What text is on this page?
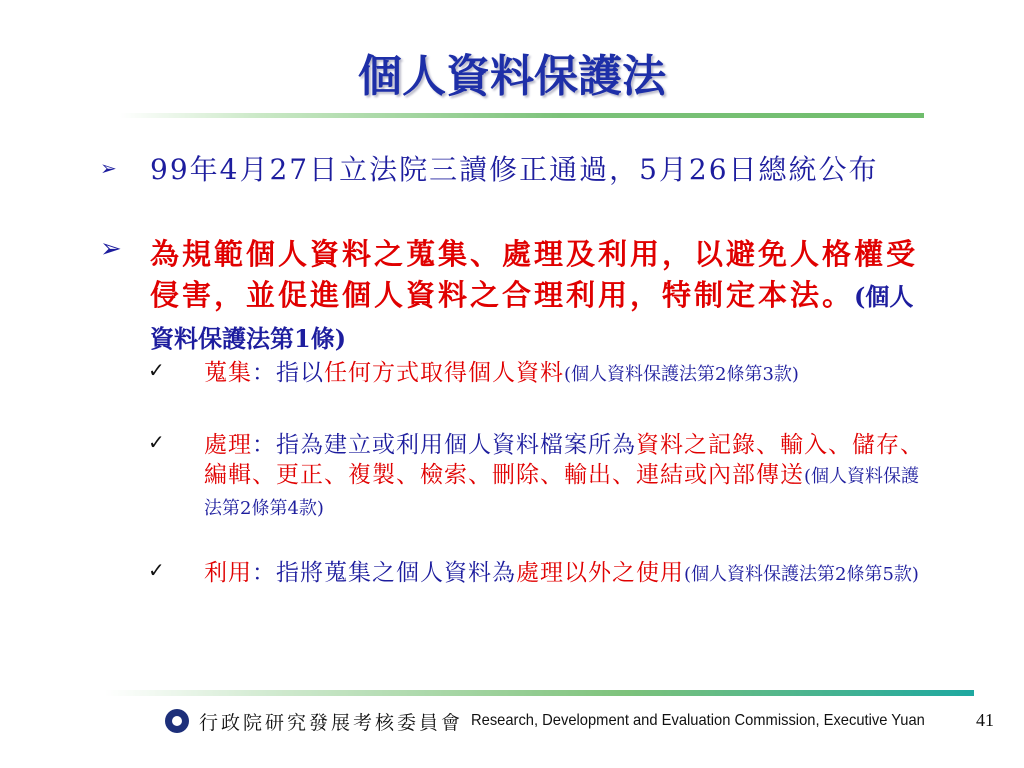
個人資料保護法
➢ 99年4月27日立法院三讀修正通過，5月26日總統公布
➢ 為規範個人資料之蒐集、處理及利用，以避免人格權受侵害，並促進個人資料之合理利用，特制定本法。(個人資料保護法第1條)
✓ 蒐集：指以任何方式取得個人資料(個人資料保護法第2條第3款)
✓ 處理：指為建立或利用個人資料檔案所為資料之記錄、輸入、儲存、編輯、更正、複製、檢索、刪除、輸出、連結或內部傳送(個人資料保護法第2條第4款)
✓ 利用：指將蒐集之個人資料為處理以外之使用(個人資料保護法第2條第5款)
行政院研究發展考核委員會 Research, Development and Evaluation Commission, Executive Yuan	41
